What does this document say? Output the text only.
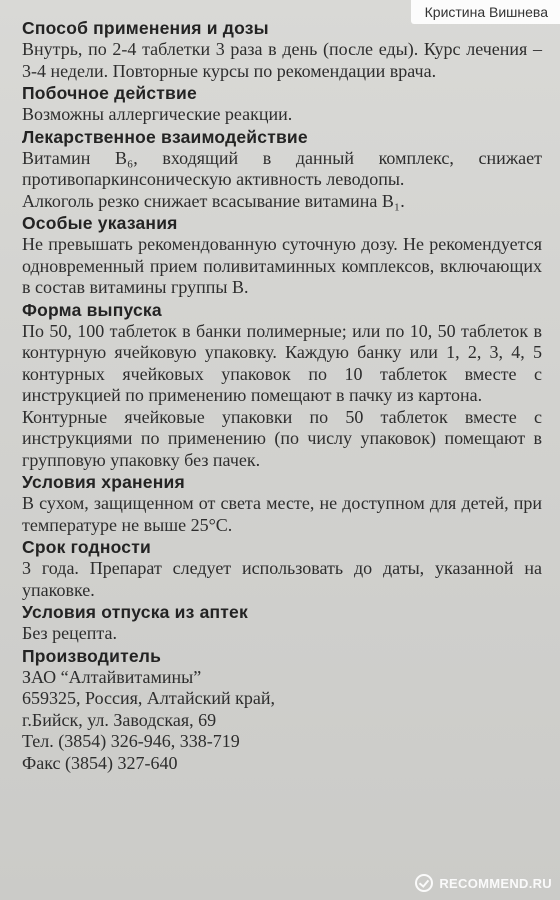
Кристина Вишнева

Способ применения и дозы

Внутрь, по 2-4 таблетки 3 раза в день (после еды). Курс лечения – 3-4 недели. Повторные курсы по рекомендации врача.

Побочное действие

Возможны аллергические реакции.

Лекарственное взаимодействие

Витамин B₆, входящий в данный комплекс, снижает противопаркинсоническую активность леводопы.

Алкоголь резко снижает всасывание витамина B₁.

Особые указания

Не превышать рекомендованную суточную дозу. Не рекомендуется одновременный прием поливитаминных комплексов, включающих в состав витамины группы B.

Форма выпуска

По 50, 100 таблеток в банки полимерные; или по 10, 50 таблеток в контурную ячейковую упаковку. Каждую банку или 1, 2, 3, 4, 5 контурных ячейковых упаковок по 10 таблеток вместе с инструкцией по применению помещают в пачку из картона.

Контурные ячейковые упаковки по 50 таблеток вместе с инструкциями по применению (по числу упаковок) помещают в групповую упаковку без пачек.

Условия хранения

В сухом, защищенном от света месте, не доступном для детей, при температуре не выше 25°C.

Срок годности

3 года. Препарат следует использовать до даты, указанной на упаковке.

Условия отпуска из аптек

Без рецепта.

Производитель

ЗАО “Алтайвитамины”

659325, Россия, Алтайский край,

г.Бийск, ул. Заводская, 69

Тел. (3854) 326-946, 338-719

Факс (3854) 327-640

RECOMMEND.RU
